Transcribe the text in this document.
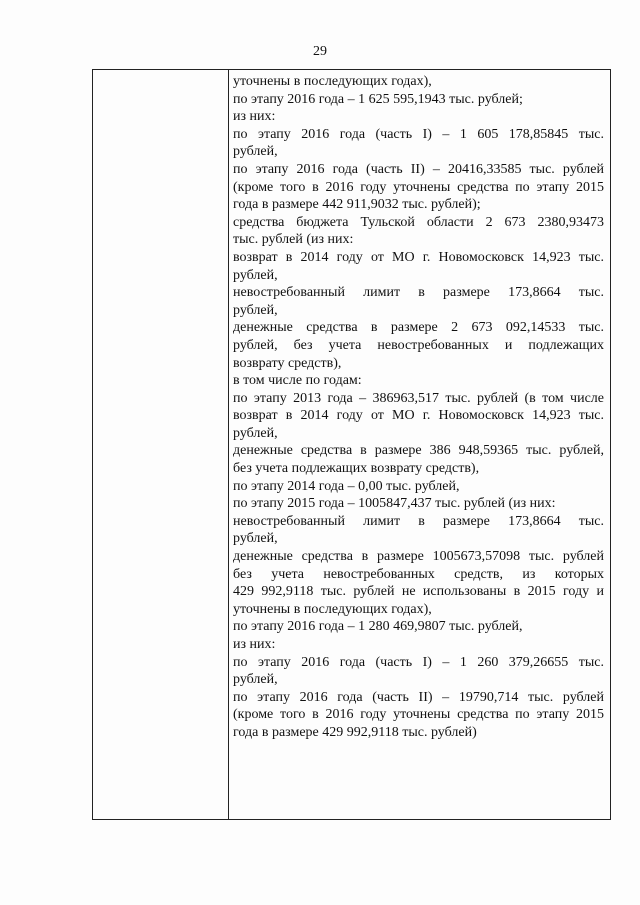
29
уточнены в последующих годах),
по этапу 2016 года – 1 625 595,1943 тыс. рублей;
из них:
по этапу 2016 года (часть I) – 1 605 178,85845 тыс.
рублей,
по этапу 2016 года (часть II) – 20416,33585 тыс. рублей
(кроме того в 2016 году уточнены средства по этапу 2015
года в размере 442 911,9032 тыс. рублей);
средства бюджета Тульской области 2 673 2380,93473
тыс. рублей (из них:
возврат в 2014 году от МО г. Новомосковск 14,923 тыс.
рублей,
невостребованный лимит в размере 173,8664 тыс.
рублей,
денежные средства в размере 2 673 092,14533 тыс.
рублей, без учета невостребованных и подлежащих
возврату средств),
в том числе по годам:
по этапу 2013 года – 386963,517 тыс. рублей (в том числе
возврат в 2014 году от МО г. Новомосковск 14,923 тыс.
рублей,
денежные средства в размере 386 948,59365 тыс. рублей,
без учета подлежащих возврату средств),
по этапу 2014 года – 0,00 тыс. рублей,
по этапу 2015 года – 1005847,437 тыс. рублей (из них:
невостребованный лимит в размере 173,8664 тыс.
рублей,
денежные средства в размере 1005673,57098 тыс. рублей
без учета невостребованных средств, из которых
429 992,9118 тыс. рублей не использованы в 2015 году и
уточнены в последующих годах),
по этапу 2016 года – 1 280 469,9807 тыс. рублей,
из них:
по этапу 2016 года (часть I) – 1 260 379,26655 тыс.
рублей,
по этапу 2016 года (часть II) – 19790,714 тыс. рублей
(кроме того в 2016 году уточнены средства по этапу 2015
года в размере 429 992,9118 тыс. рублей)
